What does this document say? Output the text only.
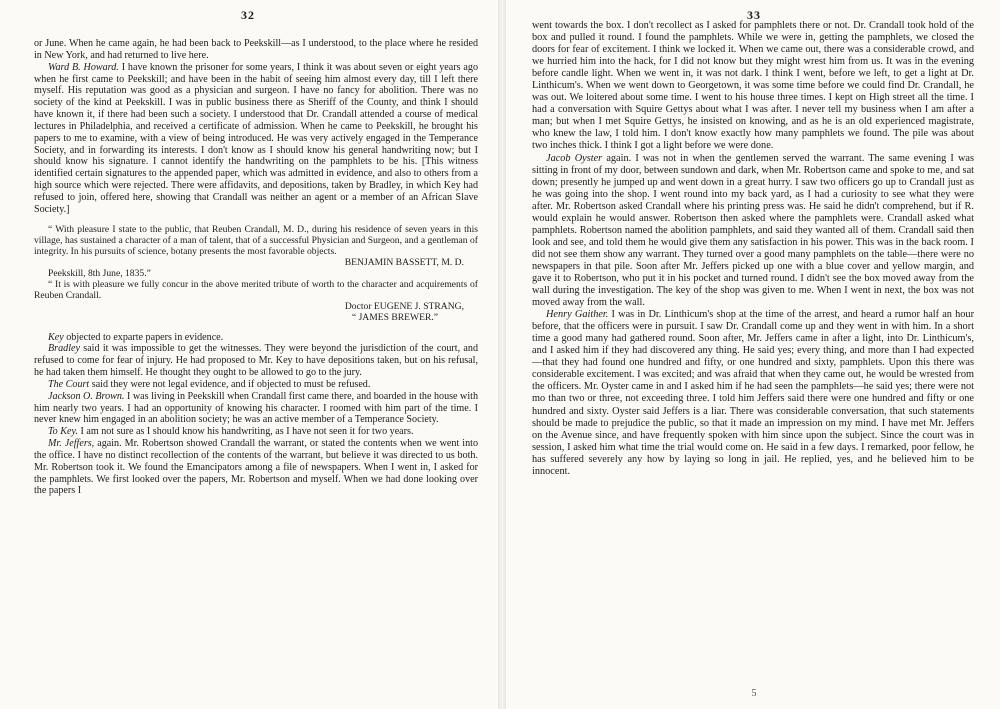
32

or June. When he came again, he had been back to Peekskill—as I understood, to the place where he resided in New York, and had returned to live here.

Ward B. Howard. I have known the prisoner for some years, I think it was about seven or eight years ago when he first came to Peekskill; and have been in the habit of seeing him almost every day, till I left there myself. His reputation was good as a physician and surgeon. I have no fancy for abolition. There was no society of the kind at Peekskill. I was in public business there as Sheriff of the County, and think I should have known it, if there had been such a society. I understood that Dr. Crandall attended a course of medical lectures in Philadelphia, and received a certificate of admission. When he came to Peekskill, he brought his papers to me to examine, with a view of being introduced. He was very actively engaged in the Temperance Society, and in forwarding its interests. I don't know as I should know his general handwriting now; but I should know his signature. I cannot identify the handwriting on the pamphlets to be his. [This witness identified certain signatures to the appended paper, which was admitted in evidence, and also to others from a high source which were rejected. There were affidavits, and depositions, taken by Bradley, in which Key had refused to join, offered here, showing that Crandall was neither an agent or a member of an African Slave Society.]

“ With pleasure I state to the public, that Reuben Crandall, M. D., during his residence of seven years in this village, has sustained a character of a man of talent, that of a successful Physician and Surgeon, and a gentleman of integrity. In his pursuits of science, botany presents the most favorable objects.

BENJAMIN BASSETT, M. D.

Peekskill, 8th June, 1835.”

“ It is with pleasure we fully concur in the above merited tribute of worth to the character and acquirements of Reuben Crandall.

Doctor EUGENE J. STRANG,

“ JAMES BREWER.”

Key objected to exparte papers in evidence.

Bradley said it was impossible to get the witnesses. They were beyond the jurisdiction of the court, and refused to come for fear of injury. He had proposed to Mr. Key to have depositions taken, but on his refusal, he had taken them himself. He thought they ought to be allowed to go to the jury.

The Court said they were not legal evidence, and if objected to must be refused.

Jackson O. Brown. I was living in Peekskill when Crandall first came there, and boarded in the house with him nearly two years. I had an opportunity of knowing his character. I roomed with him part of the time. I never knew him engaged in an abolition society; he was an active member of a Temperance Society.

To Key. I am not sure as I should know his handwriting, as I have not seen it for two years.

Mr. Jeffers, again. Mr. Robertson showed Crandall the warrant, or stated the contents when we went into the office. I have no distinct recollection of the contents of the warrant, but believe it was directed to us both. Mr. Robertson took it. We found the Emancipators among a file of newspapers. When I went in, I asked for the pamphlets. We first looked over the papers, Mr. Robertson and myself. When we had done looking over the papers I

33

went towards the box. I don't recollect as I asked for pamphlets there or not. Dr. Crandall took hold of the box and pulled it round. I found the pamphlets. While we were in, getting the pamphlets, we closed the doors for fear of excitement. I think we locked it. When we came out, there was a considerable crowd, and we hurried him into the hack, for I did not know but they might wrest him from us. It was in the evening before candle light. When we went in, it was not dark. I think I went, before we left, to get a light at Dr. Linthicum's. When we went down to Georgetown, it was some time before we could find Dr. Crandall, he was out. We loitered about some time. I went to his house three times. I kept on High street all the time. I had a conversation with Squire Gettys about what I was after. I never tell my business when I am after a man; but when I met Squire Gettys, he insisted on knowing, and as he is an old experienced magistrate, who knew the law, I told him. I don't know exactly how many pamphlets we found. The pile was about two inches thick. I think I got a light before we were done.

Jacob Oyster again. I was not in when the gentlemen served the warrant. The same evening I was sitting in front of my door, between sundown and dark, when Mr. Robertson came and spoke to me, and sat down; presently he jumped up and went down in a great hurry. I saw two officers go up to Crandall just as he was going into the shop. I went round into my back yard, as I had a curiosity to see what they were after. Mr. Robertson asked Crandall where his printing press was. He said he didn't comprehend, but if R. would explain he would answer. Robertson then asked where the pamphlets were. Crandall asked what pamphlets. Robertson named the abolition pamphlets, and said they wanted all of them. Crandall said then look and see, and told them he would give them any satisfaction in his power. This was in the back room. I did not see them show any warrant. They turned over a good many pamphlets on the table—there were no newspapers in that pile. Soon after Mr. Jeffers picked up one with a blue cover and yellow margin, and gave it to Robertson, who put it in his pocket and turned round. I didn't see the box moved away from the wall during the investigation. The key of the shop was given to me. When I went in next, the box was not moved away from the wall.

Henry Gaither. I was in Dr. Linthicum's shop at the time of the arrest, and heard a rumor half an hour before, that the officers were in pursuit. I saw Dr. Crandall come up and they went in with him. In a short time a good many had gathered round. Soon after, Mr. Jeffers came in after a light, into Dr. Linthicum's, and I asked him if they had discovered any thing. He said yes; every thing, and more than I had expected—that they had found one hundred and fifty, or one hundred and sixty, pamphlets. Upon this there was considerable excitement. I was excited; and was afraid that when they came out, he would be wrested from the officers. Mr. Oyster came in and I asked him if he had seen the pamphlets—he said yes; there were not mo than two or three, not exceeding three. I told him Jeffers said there were one hundred and fifty or one hundred and sixty. Oyster said Jeffers is a liar. There was considerable conversation, that such statements should be made to prejudice the public, so that it made an impression on my mind. I have met Mr. Jeffers on the Avenue since, and have frequently spoken with him since upon the subject. Since the court was in session, I asked him what time the trial would come on. He said in a few days. I remarked, poor fellow, he has suffered severely any how by laying so long in jail. He replied, yes, and he believed him to be innocent.

5
